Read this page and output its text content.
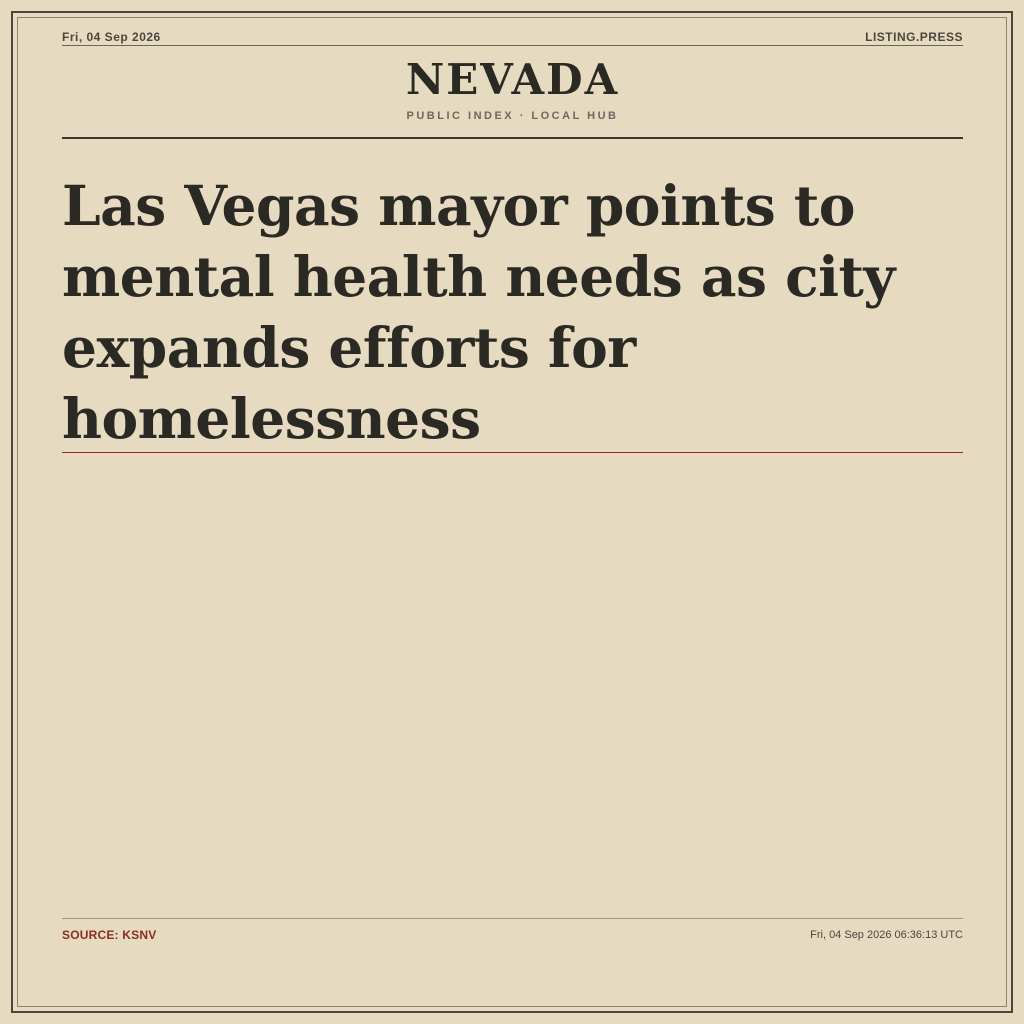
Fri, 04 Sep 2026	LISTING.PRESS
NEVADA
PUBLIC INDEX · LOCAL HUB
Las Vegas mayor points to mental health needs as city expands efforts for homelessness
SOURCE: KSNV	Fri, 04 Sep 2026 06:36:13 UTC
